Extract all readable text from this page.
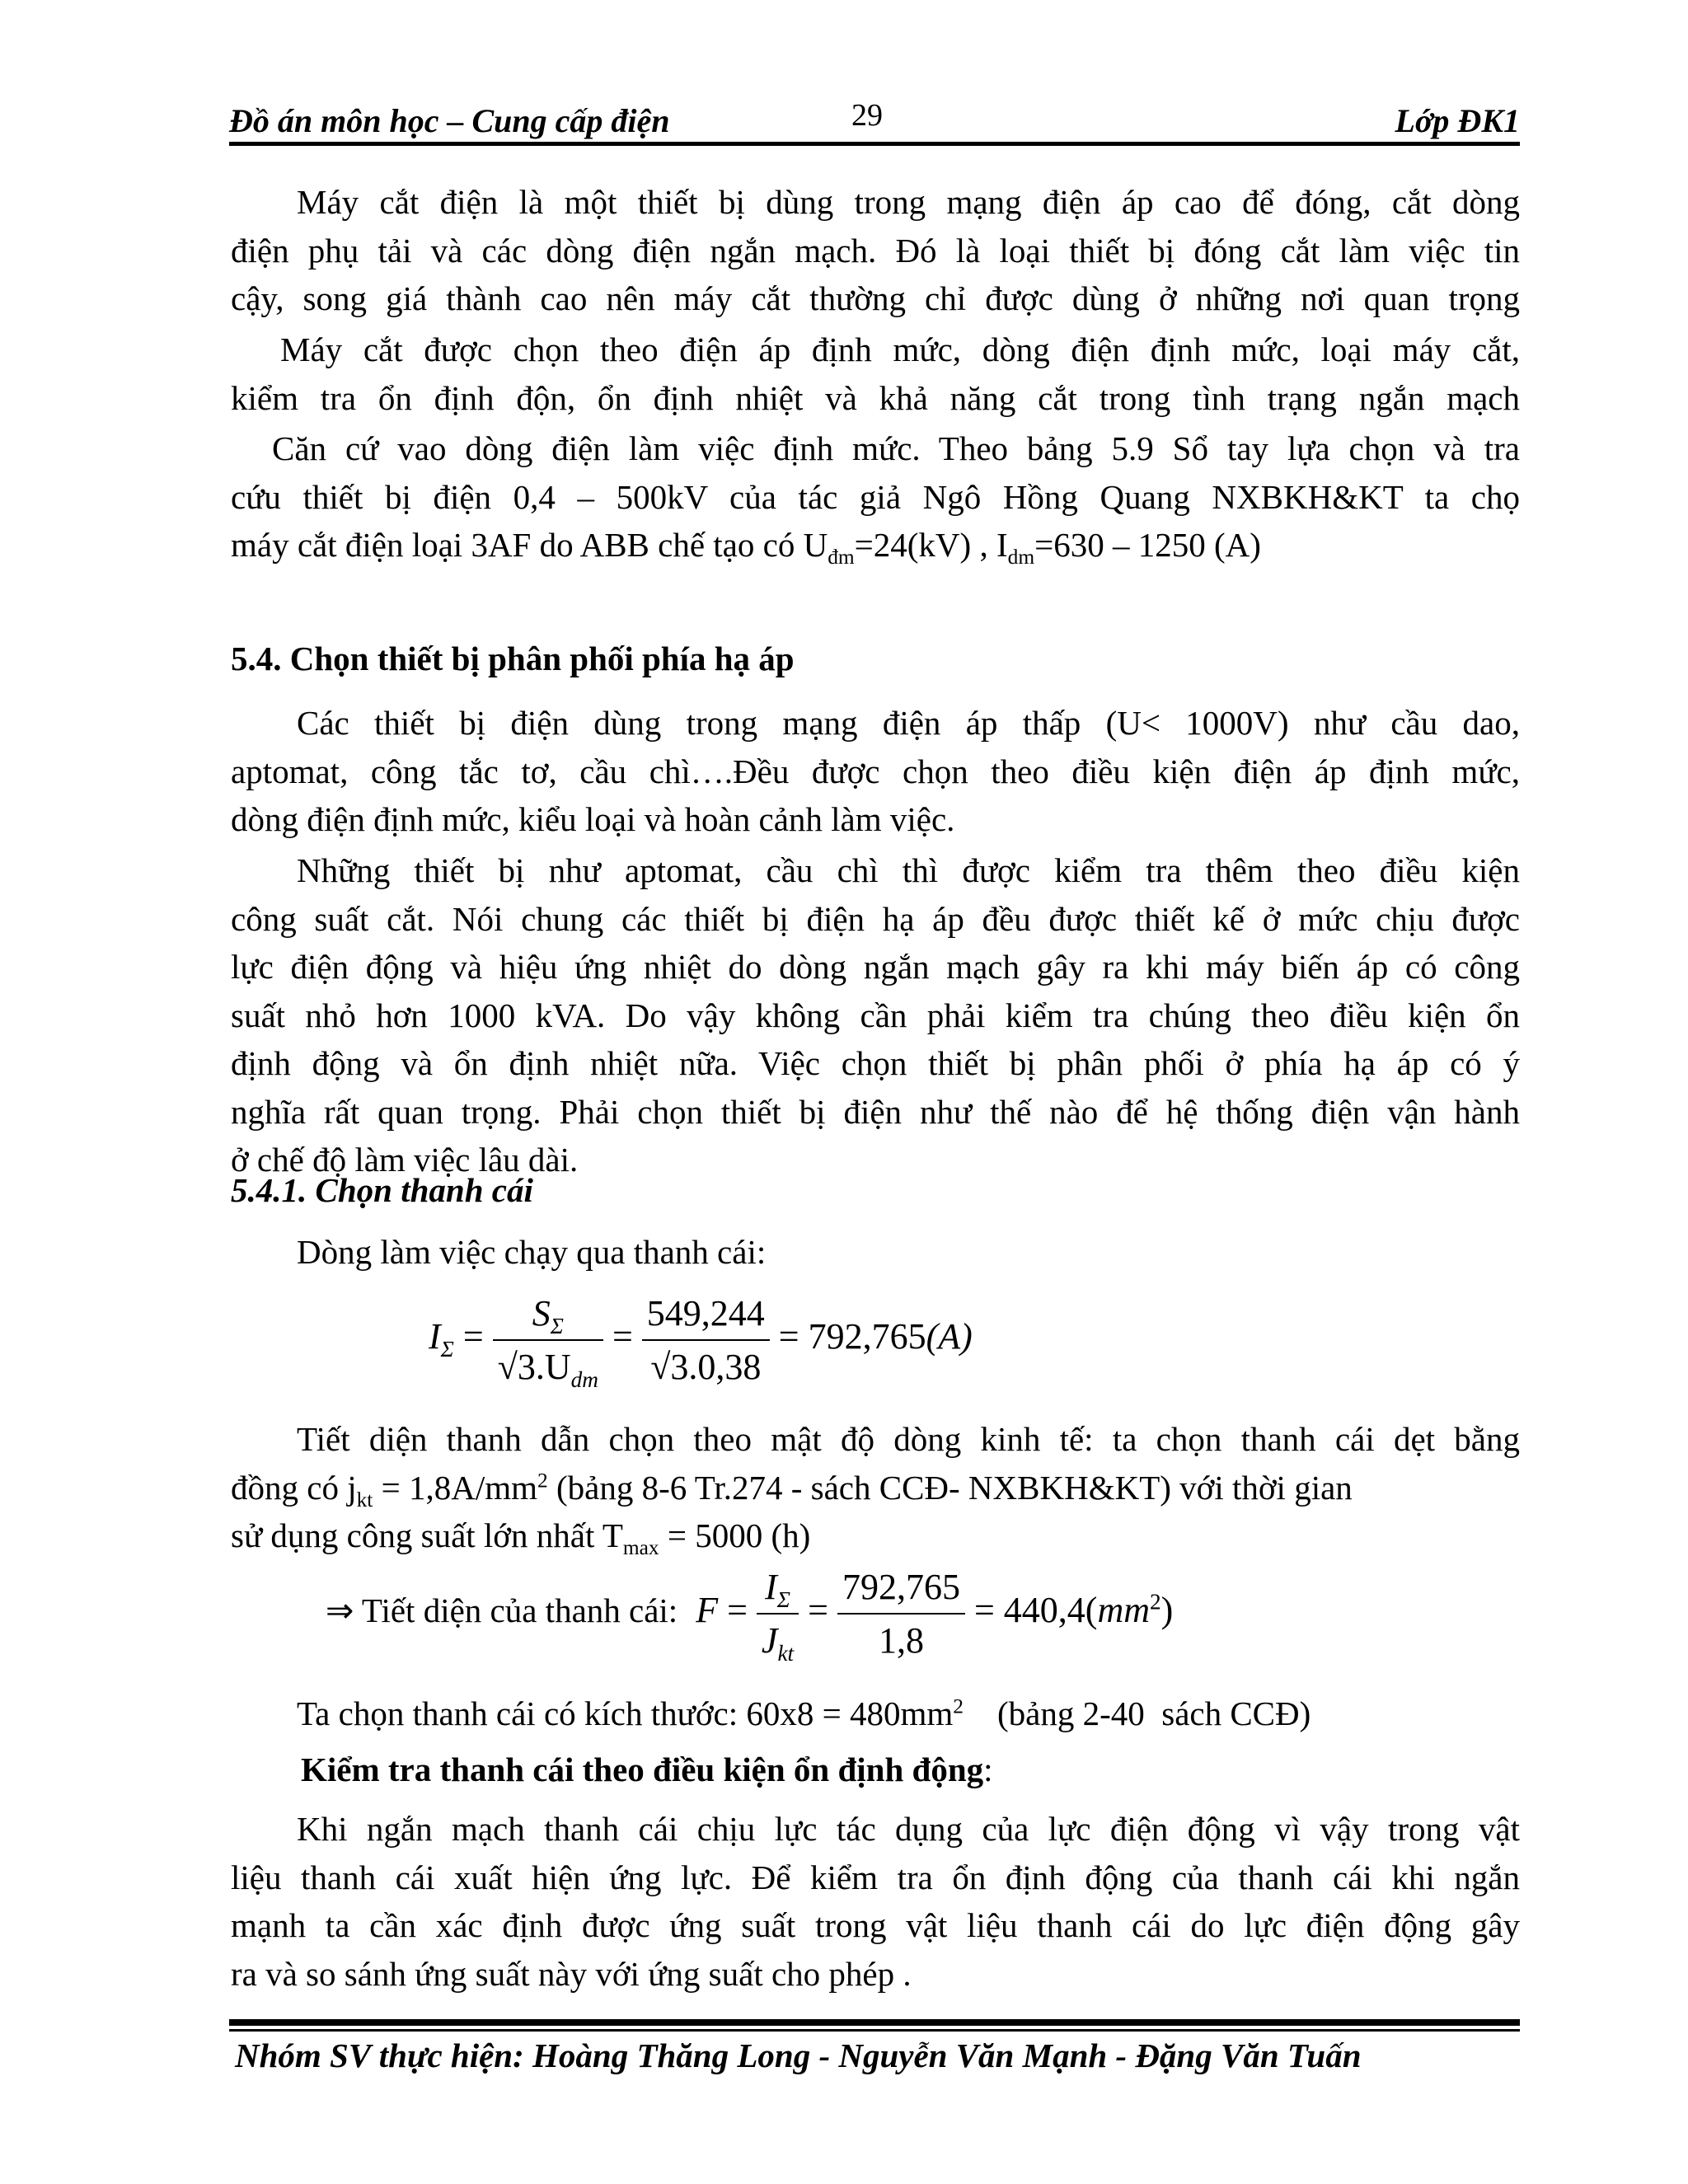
Đồ án môn học – Cung cấp điện	29	Lớp ĐK1
Máy cắt điện là một thiết bị dùng trong mạng điện áp cao để đóng, cắt dòng
điện phụ tải và các dòng điện ngắn mạch. Đó là loại thiết bị đóng cắt làm việc tin
cậy, song giá thành cao nên máy cắt thường chỉ được dùng ở những nơi quan trọng
Máy cắt được chọn theo điện áp định mức, dòng điện định mức, loại máy cắt,
kiểm tra ổn định độn, ổn định nhiệt và khả năng cắt trong tình trạng ngắn mạch
Căn cứ vao dòng điện làm việc định mức. Theo bảng 5.9 Sổ tay lựa chọn và tra
cứu thiết bị điện 0,4 – 500kV của tác giả Ngô Hồng Quang NXBKH&KT ta chọ
máy cắt điện loại 3AF do ABB chế tạo có $U_{đm}=24(kV)$ , $I_{dm}=630 - 1250$ (A)
5.4. Chọn thiết bị phân phối phía hạ áp
Các thiết bị điện dùng trong mạng điện áp thấp (U< 1000V) như cầu dao,
aptomat, công tắc tơ, cầu chì….Đều được chọn theo điều kiện điện áp định mức,
dòng điện định mức, kiểu loại và hoàn cảnh làm việc.
Những thiết bị như aptomat, cầu chì thì được kiểm tra thêm theo điều kiện
công suất cắt. Nói chung các thiết bị điện hạ áp đều được thiết kế ở mức chịu được
lực điện động và hiệu ứng nhiệt do dòng ngắn mạch gây ra khi máy biến áp có công
suất nhỏ hơn 1000 kVA. Do vậy không cần phải kiểm tra chúng theo điều kiện ổn
định động và ổn định nhiệt nữa. Việc chọn thiết bị phân phối ở phía hạ áp có ý
nghĩa rất quan trọng. Phải chọn thiết bị điện như thế nào để hệ thống điện vận hành
ở chế độ làm việc lâu dài.
5.4.1. Chọn thanh cái
Dòng làm việc chạy qua thanh cái:
$I_\Sigma = \frac{S_\Sigma}{√3.U_{dm}} = \frac{549,244}{√3.0,38} = 792,765(A)$
Tiết diện thanh dẫn chọn theo mật độ dòng kinh tế: ta chọn thanh cái dẹt bằng
đồng có $j_{kt} = 1,8A/mm^2$ (bảng 8-6 Tr.274 - sách CCĐ- NXBKH&KT) với thời gian
sử dụng công suất lớn nhất $T_{max} = 5000$ (h)
⇒ Tiết diện của thanh cái: $F = \frac{I_\Sigma}{J_{kt}} = \frac{792,765}{1,8} = 440,4(mm^2)$
Ta chọn thanh cái có kích thước: $60x8 = 480mm^2$    (bảng 2-40  sách CCĐ)
Kiểm tra thanh cái theo điều kiện ổn định động:
Khi ngắn mạch thanh cái chịu lực tác dụng của lực điện động vì vậy trong vật
liệu thanh cái xuất hiện ứng lực. Để kiểm tra ổn định động của thanh cái khi ngắn
mạnh ta cần xác định được ứng suất trong vật liệu thanh cái do lực điện động gây
ra và so sánh ứng suất này với ứng suất cho phép .
Nhóm SV thực hiện: Hoàng Thăng Long - Nguyễn Văn Mạnh - Đặng Văn Tuấn
